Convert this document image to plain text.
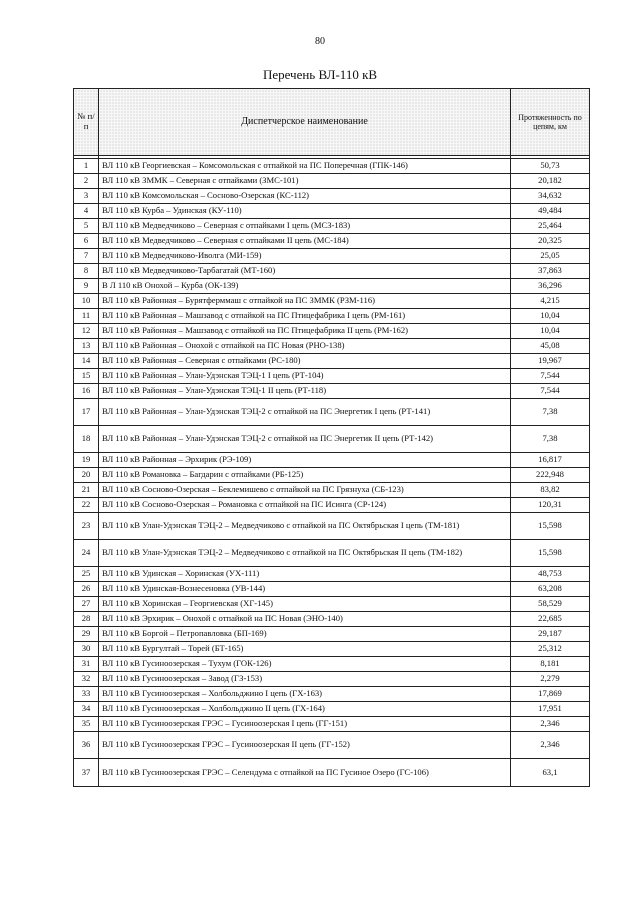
80
Перечень ВЛ-110 кВ
№ п/п	Диспетчерское наименование	Протяженность по цепям, км

1	ВЛ 110 кВ Георгиевская – Комсомольская с отпайкой на ПС Поперечная (ГПК-146)	50,73
2	ВЛ 110 кВ ЗММК – Северная с отпайками (ЗМС-101)	20,182
3	ВЛ 110 кВ Комсомольская – Сосново-Озерская (КС-112)	34,632
4	ВЛ 110 кВ Курба – Удинская (КУ-110)	49,484
5	ВЛ 110 кВ Медведчиково – Северная с отпайками I цепь (МСЗ-183)	25,464
6	ВЛ 110 кВ Медведчиково – Северная с отпайками II цепь (МС-184)	20,325
7	ВЛ 110 кВ Медведчиково-Иволга (МИ-159)	25,05
8	ВЛ 110 кВ Медведчиково-Тарбагатай (МТ-160)	37,863
9	В Л 110 кВ Онохой – Курба (ОК-139)	36,296
10	ВЛ 110 кВ Районная – Бурятферммаш с отпайкой на ПС ЗММК (РЗМ-116)	4,215
11	ВЛ 110 кВ Районная – Машзавод с отпайкой на ПС Птицефабрика I цепь (РМ-161)	10,04
12	ВЛ 110 кВ Районная – Машзавод с отпайкой на ПС Птицефабрика II цепь (РМ-162)	10,04
13	ВЛ 110 кВ Районная – Онохой с отпайкой на ПС Новая (РНО-138)	45,08
14	ВЛ 110 кВ Районная – Северная с отпайками (РС-180)	19,967
15	ВЛ 110 кВ Районная – Улан-Удэнская ТЭЦ-1 I цепь (РТ-104)	7,544
16	ВЛ 110 кВ Районная – Улан-Удэнская ТЭЦ-1 II цепь (РТ-118)	7,544
17	ВЛ 110 кВ Районная – Улан-Удэнская ТЭЦ-2 с отпайкой на ПС Энергетик I цепь (РТ-141)	7,38
18	ВЛ 110 кВ Районная – Улан-Удэнская ТЭЦ-2 с отпайкой на ПС Энергетик II цепь (РТ-142)	7,38
19	ВЛ 110 кВ Районная – Эрхирик (РЭ-109)	16,817
20	ВЛ 110 кВ Романовка – Багдарин с отпайками (РБ-125)	222,948
21	ВЛ 110 кВ Сосново-Озерская – Беклемишево с отпайкой на ПС Грязнуха (СБ-123)	83,82
22	ВЛ 110 кВ Сосново-Озерская – Романовка с отпайкой на ПС Исинга (СР-124)	120,31
23	ВЛ 110 кВ Улан-Удэнская ТЭЦ-2 – Медведчиково с отпайкой на ПС Октябрьская I цепь (ТМ-181)	15,598
24	ВЛ 110 кВ Улан-Удэнская ТЭЦ-2 – Медведчиково с отпайкой на ПС Октябрьская II цепь (ТМ-182)	15,598
25	ВЛ 110 кВ Удинская – Хоринская (УХ-111)	48,753
26	ВЛ 110 кВ Удинская-Вознесеновка (УВ-144)	63,208
27	ВЛ 110 кВ Хоринская – Георгиевская (ХГ-145)	58,529
28	ВЛ 110 кВ Эрхирик – Онохой с отпайкой на ПС Новая (ЭНО-140)	22,685
29	ВЛ 110 кВ Боргой – Петропавловка (БП-169)	29,187
30	ВЛ 110 кВ Бургултай – Торей (БТ-165)	25,312
31	ВЛ 110 кВ Гусиноозерская – Тухум (ГОК-126)	8,181
32	ВЛ 110 кВ Гусиноозерская – Завод (ГЗ-153)	2,279
33	ВЛ 110 кВ Гусиноозерская – Холбольджино I цепь (ГХ-163)	17,869
34	ВЛ 110 кВ Гусиноозерская – Холбольджино II цепь (ГХ-164)	17,951
35	ВЛ 110 кВ Гусиноозерская ГРЭС – Гусиноозерская I цепь (ГГ-151)	2,346
36	ВЛ 110 кВ Гусиноозерская ГРЭС – Гусиноозерская II цепь (ГГ-152)	2,346
37	ВЛ 110 кВ Гусиноозерская ГРЭС – Селендума с отпайкой на ПС Гусиное Озеро (ГС-106)	63,1
